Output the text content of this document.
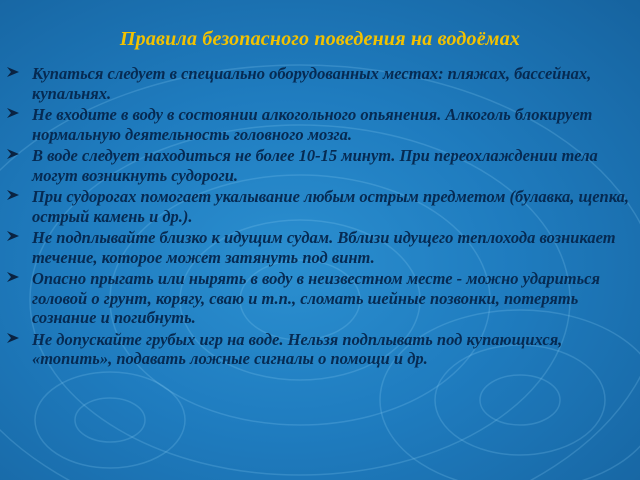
Правила безопасного поведения на водоёмах
Купаться следует в специально оборудованных местах: пляжах, бассейнах, купальнях.
Не входите в воду в состоянии алкогольного опьянения. Алкоголь блокирует нормальную деятельность головного мозга.
В воде следует находиться не более 10-15 минут. При переохлаждении тела могут возникнуть судороги.
При судорогах помогает укалывание любым острым предметом (булавка, щепка, острый камень и др.).
Не подплывайте близко к идущим судам. Вблизи идущего теплохода возникает течение, которое может затянуть под винт.
Опасно прыгать или нырять в воду в неизвестном месте - можно удариться головой о грунт, корягу, сваю и т.п., сломать шейные позвонки, потерять сознание и погибнуть.
Не допускайте грубых игр на воде. Нельзя подплывать под купающихся, «топить», подавать ложные сигналы о помощи и др.
